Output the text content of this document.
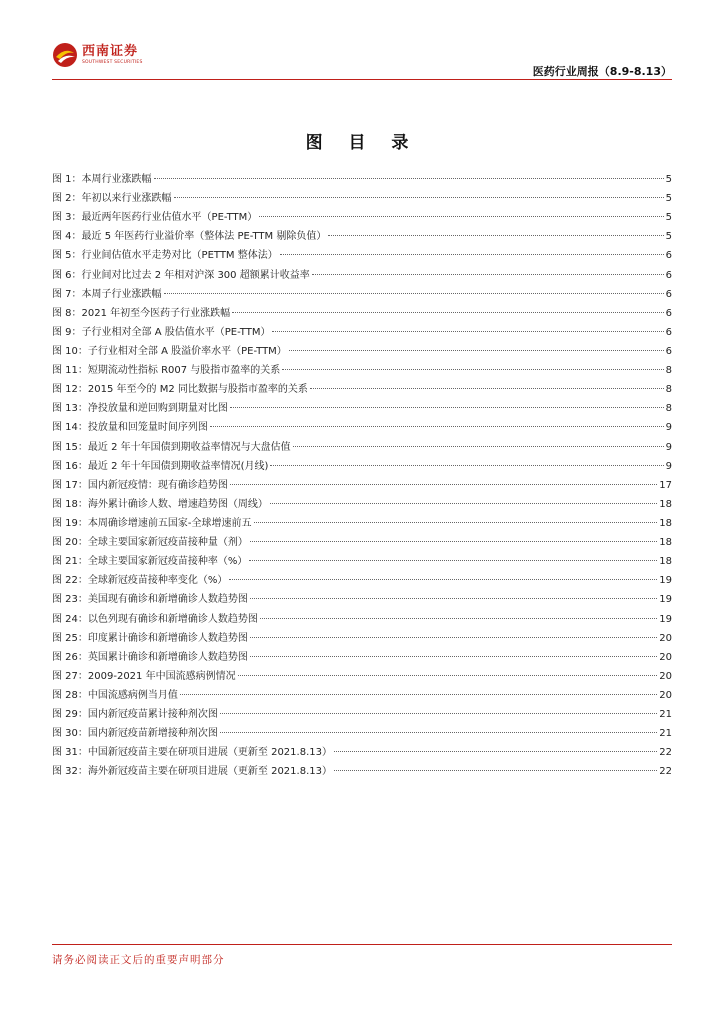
西南证券
SOUTHWEST SECURITIES
医药行业周报（8.9-8.13）
图 目 录
图 1：本周行业涨跌幅	5
图 2：年初以来行业涨跌幅	5
图 3：最近两年医药行业估值水平（PE-TTM）	5
图 4：最近 5 年医药行业溢价率（整体法 PE-TTM 剔除负值）	5
图 5：行业间估值水平走势对比（PETTM 整体法）	6
图 6：行业间对比过去 2 年相对沪深 300 超额累计收益率	6
图 7：本周子行业涨跌幅	6
图 8：2021 年初至今医药子行业涨跌幅	6
图 9：子行业相对全部 A 股估值水平（PE-TTM）	6
图 10：子行业相对全部 A 股溢价率水平（PE-TTM）	6
图 11：短期流动性指标 R007 与股指市盈率的关系	8
图 12：2015 年至今的 M2 同比数据与股指市盈率的关系	8
图 13：净投放量和逆回购到期量对比图	8
图 14：投放量和回笼量时间序列图	9
图 15：最近 2 年十年国债到期收益率情况与大盘估值	9
图 16：最近 2 年十年国债到期收益率情况(月线)	9
图 17：国内新冠疫情：现有确诊趋势图	17
图 18：海外累计确诊人数、增速趋势图（周线）	18
图 19：本周确诊增速前五国家-全球增速前五	18
图 20：全球主要国家新冠疫苗接种量（剂）	18
图 21：全球主要国家新冠疫苗接种率（%）	18
图 22：全球新冠疫苗接种率变化（%）	19
图 23：美国现有确诊和新增确诊人数趋势图	19
图 24：以色列现有确诊和新增确诊人数趋势图	19
图 25：印度累计确诊和新增确诊人数趋势图	20
图 26：英国累计确诊和新增确诊人数趋势图	20
图 27：2009-2021 年中国流感病例情况	20
图 28：中国流感病例当月值	20
图 29：国内新冠疫苗累计接种剂次图	21
图 30：国内新冠疫苗新增接种剂次图	21
图 31：中国新冠疫苗主要在研项目进展（更新至 2021.8.13）	22
图 32：海外新冠疫苗主要在研项目进展（更新至 2021.8.13）	22
请务必阅读正文后的重要声明部分
